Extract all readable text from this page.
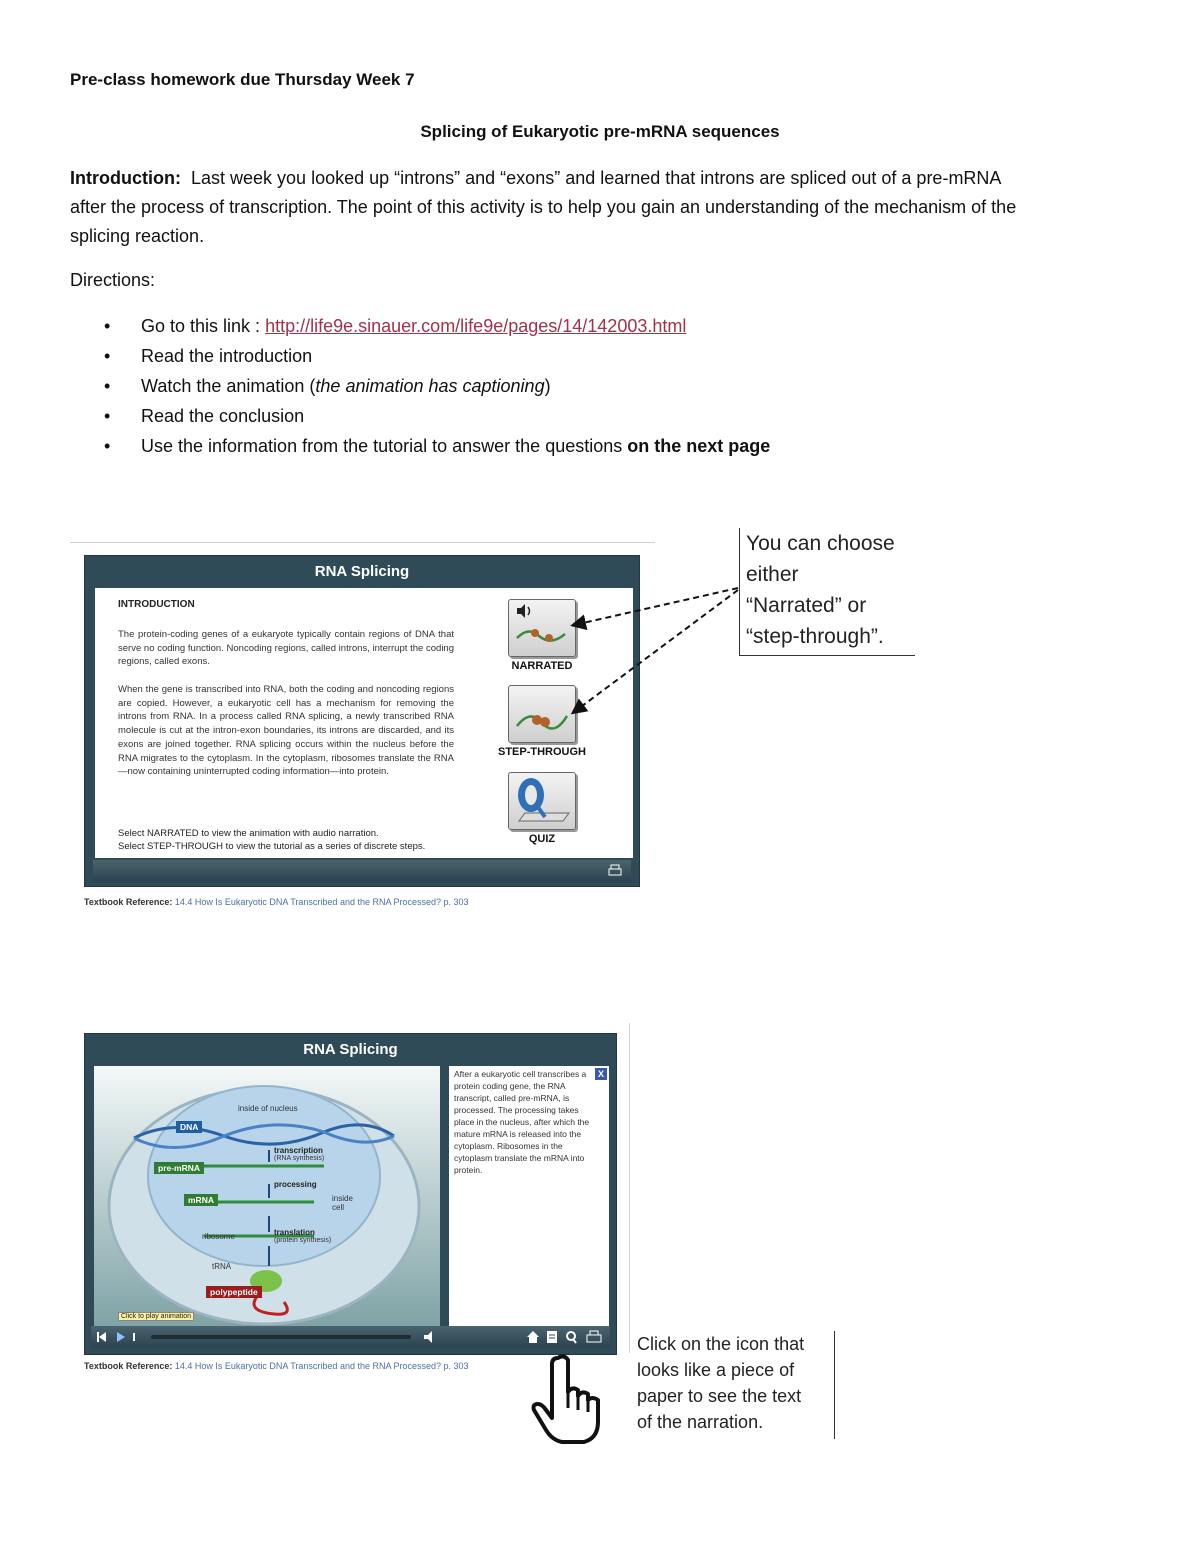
Pre-class homework due Thursday Week 7
Splicing of Eukaryotic pre-mRNA sequences
Introduction: Last week you looked up “introns” and “exons” and learned that introns are spliced out of a pre-mRNA
after the process of transcription. The point of this activity is to help you gain an understanding of the mechanism of the
splicing reaction.
Directions:
• Go to this link : http://life9e.sinauer.com/life9e/pages/14/142003.html
• Read the introduction
• Watch the animation (the animation has captioning)
• Read the conclusion
• Use the information from the tutorial to answer the questions on the next page
RNA Splicing
INTRODUCTION
The protein-coding genes of a eukaryote typically contain regions of DNA that serve no coding function. Noncoding regions, called introns, interrupt the coding regions, called exons.
When the gene is transcribed into RNA, both the coding and noncoding regions are copied. However, a eukaryotic cell has a mechanism for removing the introns from RNA. In a process called RNA splicing, a newly transcribed RNA molecule is cut at the intron-exon boundaries, its introns are discarded, and its exons are joined together. RNA splicing occurs within the nucleus before the RNA migrates to the cytoplasm. In the cytoplasm, ribosomes translate the RNA—now containing uninterrupted coding information—into protein.
Select NARRATED to view the animation with audio narration.
Select STEP-THROUGH to view the tutorial as a series of discrete steps.
NARRATED
STEP-THROUGH
QUIZ
Textbook Reference: 14.4 How Is Eukaryotic DNA Transcribed and the RNA Processed? p. 303
You can choose
either
“Narrated” or
“step-through”.
RNA Splicing
DNA
pre-mRNA
mRNA
inside of nucleus
transcription
(RNA synthesis)
processing
inside cell
translation
(protein synthesis)
ribosome
tRNA
polypeptide
Click to play animation
After a eukaryotic cell transcribes a protein coding gene, the RNA transcript, called pre-mRNA, is processed. The processing takes place in the nucleus, after which the mature mRNA is released into the cytoplasm. Ribosomes in the cytoplasm translate the mRNA into protein.
X
Textbook Reference: 14.4 How Is Eukaryotic DNA Transcribed and the RNA Processed? p. 303
Click on the icon that
looks like a piece of
paper to see the text
of the narration.
